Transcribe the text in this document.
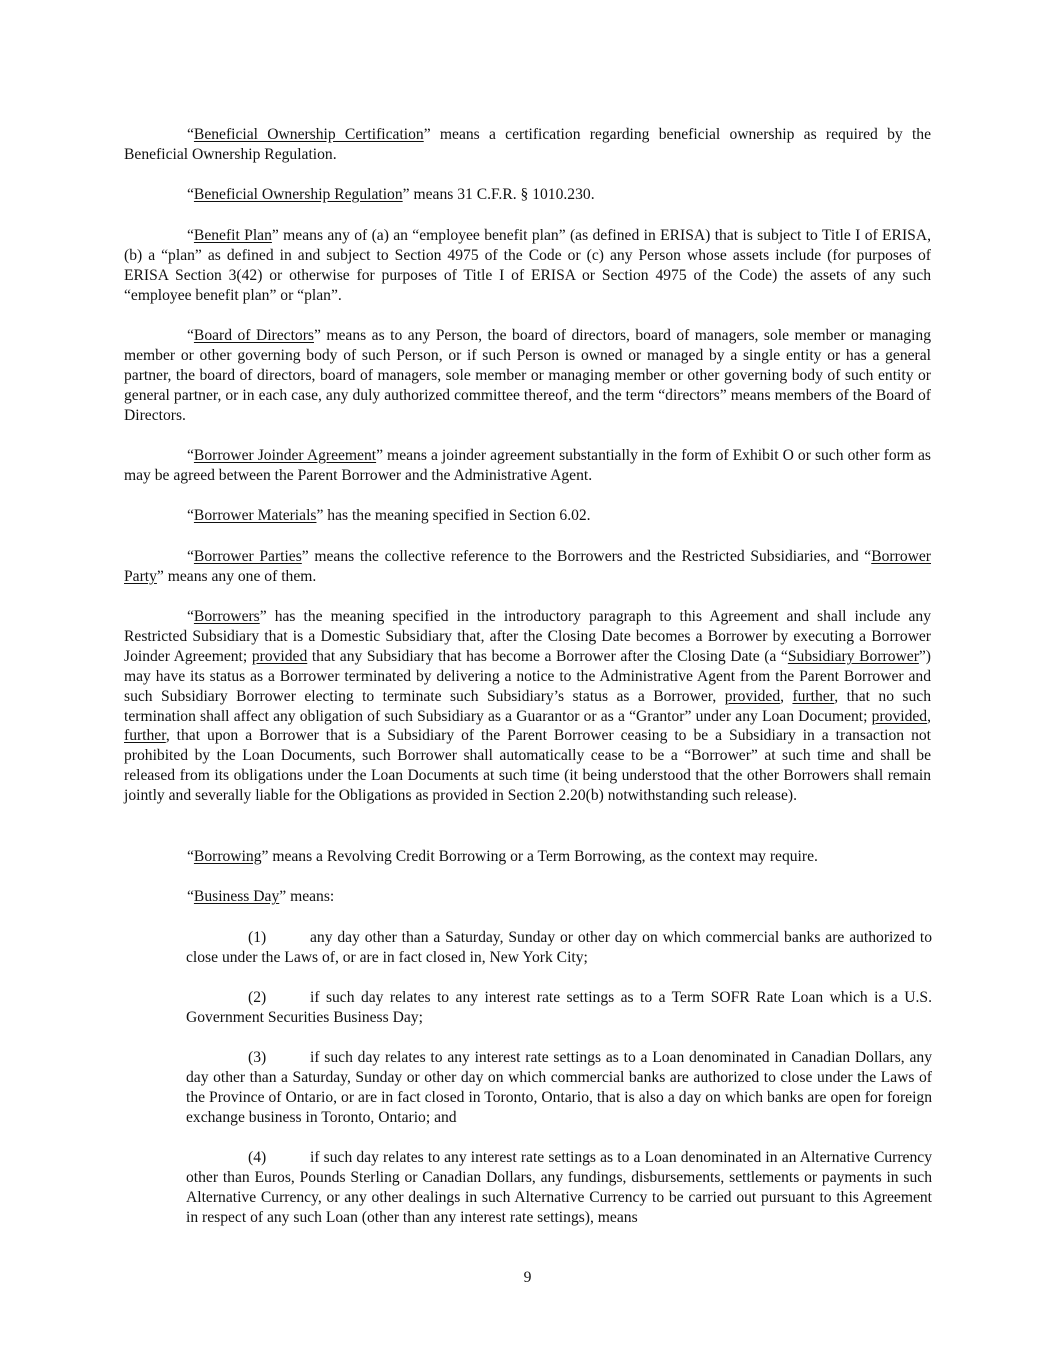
“Beneficial Ownership Certification” means a certification regarding beneficial ownership as required by the Beneficial Ownership Regulation.

“Beneficial Ownership Regulation” means 31 C.F.R. § 1010.230.

“Benefit Plan” means any of (a) an “employee benefit plan” (as defined in ERISA) that is subject to Title I of ERISA, (b) a “plan” as defined in and subject to Section 4975 of the Code or (c) any Person whose assets include (for purposes of ERISA Section 3(42) or otherwise for purposes of Title I of ERISA or Section 4975 of the Code) the assets of any such “employee benefit plan” or “plan”.

“Board of Directors” means as to any Person, the board of directors, board of managers, sole member or managing member or other governing body of such Person, or if such Person is owned or managed by a single entity or has a general partner, the board of directors, board of managers, sole member or managing member or other governing body of such entity or general partner, or in each case, any duly authorized committee thereof, and the term “directors” means members of the Board of Directors.

“Borrower Joinder Agreement” means a joinder agreement substantially in the form of Exhibit O or such other form as may be agreed between the Parent Borrower and the Administrative Agent.

“Borrower Materials” has the meaning specified in Section 6.02.

“Borrower Parties” means the collective reference to the Borrowers and the Restricted Subsidiaries, and “Borrower Party” means any one of them.

“Borrowers” has the meaning specified in the introductory paragraph to this Agreement and shall include any Restricted Subsidiary that is a Domestic Subsidiary that, after the Closing Date becomes a Borrower by executing a Borrower Joinder Agreement; provided that any Subsidiary that has become a Borrower after the Closing Date (a “Subsidiary Borrower”) may have its status as a Borrower terminated by delivering a notice to the Administrative Agent from the Parent Borrower and such Subsidiary Borrower electing to terminate such Subsidiary’s status as a Borrower, provided, further, that no such termination shall affect any obligation of such Subsidiary as a Guarantor or as a “Grantor” under any Loan Document; provided, further, that upon a Borrower that is a Subsidiary of the Parent Borrower ceasing to be a Subsidiary in a transaction not prohibited by the Loan Documents, such Borrower shall automatically cease to be a “Borrower” at such time and shall be released from its obligations under the Loan Documents at such time (it being understood that the other Borrowers shall remain jointly and severally liable for the Obligations as provided in Section 2.20(b) notwithstanding such release).

“Borrowing” means a Revolving Credit Borrowing or a Term Borrowing, as the context may require.

“Business Day” means:

(1)	any day other than a Saturday, Sunday or other day on which commercial banks are authorized to close under the Laws of, or are in fact closed in, New York City;

(2)	if such day relates to any interest rate settings as to a Term SOFR Rate Loan which is a U.S. Government Securities Business Day;

(3)	if such day relates to any interest rate settings as to a Loan denominated in Canadian Dollars, any day other than a Saturday, Sunday or other day on which commercial banks are authorized to close under the Laws of the Province of Ontario, or are in fact closed in Toronto, Ontario, that is also a day on which banks are open for foreign exchange business in Toronto, Ontario; and

(4)	if such day relates to any interest rate settings as to a Loan denominated in an Alternative Currency other than Euros, Pounds Sterling or Canadian Dollars, any fundings, disbursements, settlements or payments in such Alternative Currency, or any other dealings in such Alternative Currency to be carried out pursuant to this Agreement in respect of any such Loan (other than any interest rate settings), means

9
